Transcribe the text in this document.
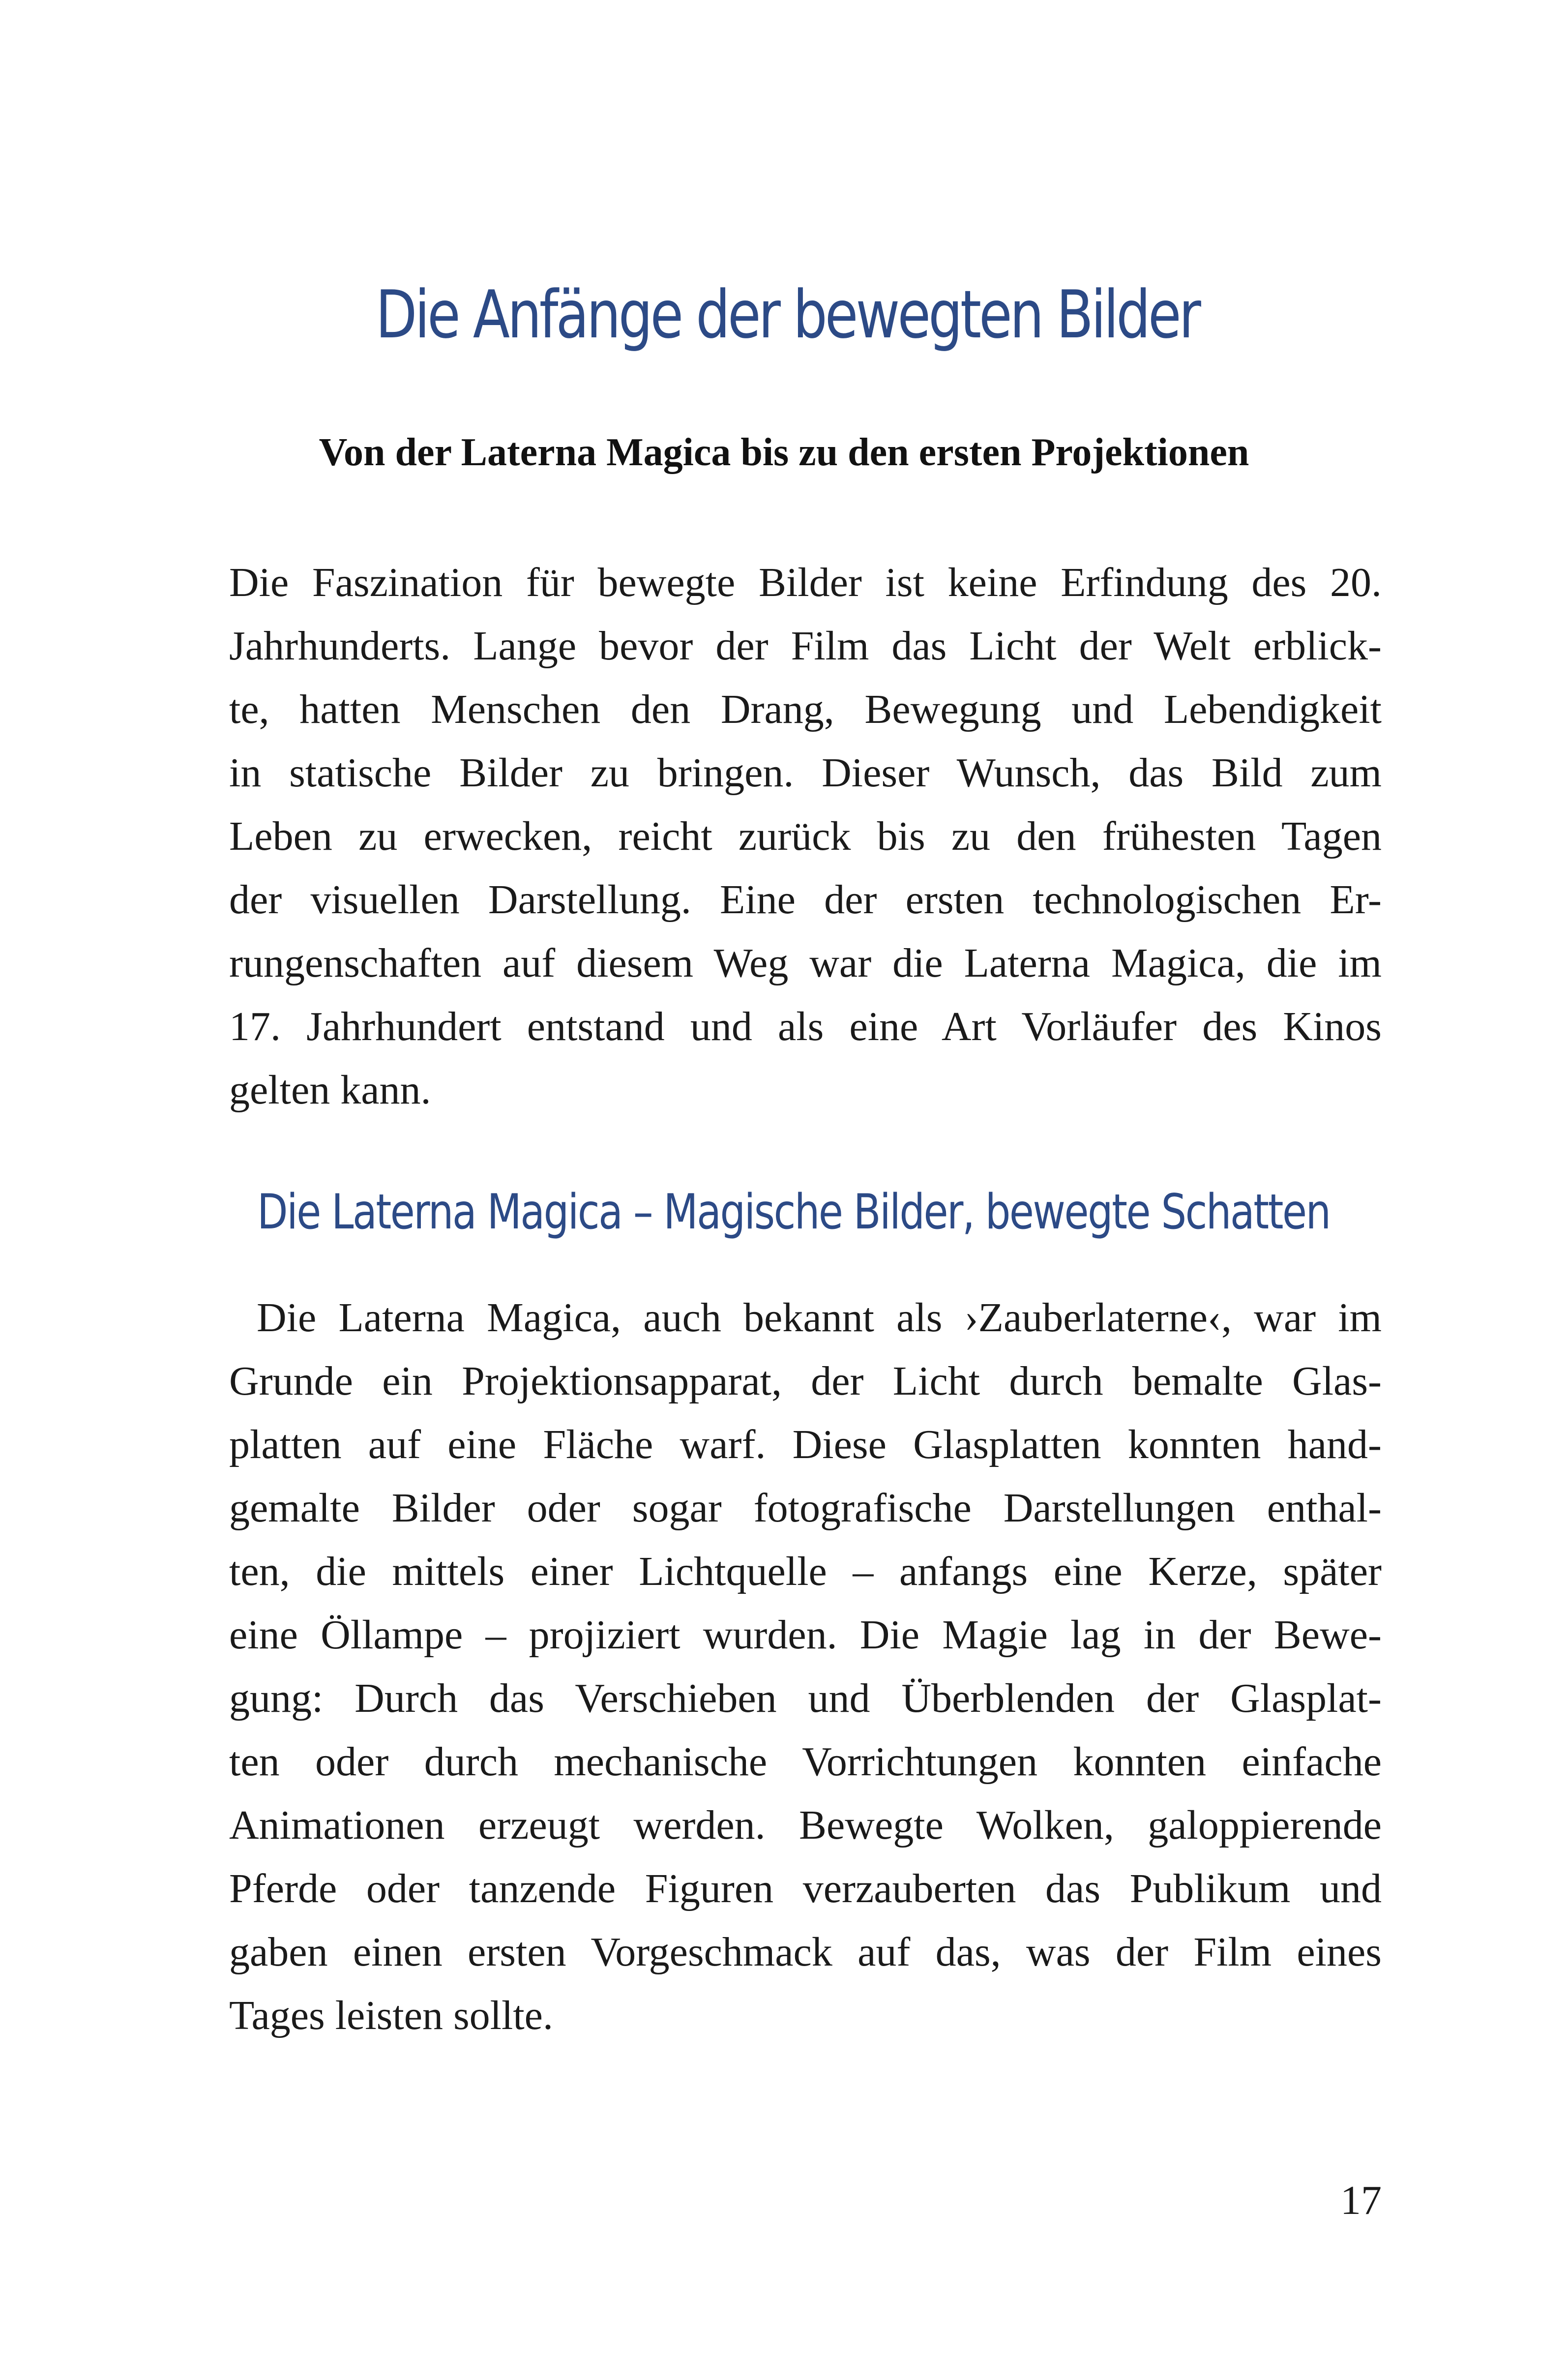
Die Anfänge der bewegten Bilder
Von der Laterna Magica bis zu den ersten Projektionen
Die Faszination für bewegte Bilder ist keine Erfindung des 20.
Jahrhunderts. Lange bevor der Film das Licht der Welt erblick-
te, hatten Menschen den Drang, Bewegung und Lebendigkeit
in statische Bilder zu bringen. Dieser Wunsch, das Bild zum
Leben zu erwecken, reicht zurück bis zu den frühesten Tagen
der visuellen Darstellung. Eine der ersten technologischen Er-
rungenschaften auf diesem Weg war die Laterna Magica, die im
17. Jahrhundert entstand und als eine Art Vorläufer des Kinos
gelten kann.
Die Laterna Magica – Magische Bilder, bewegte Schatten
Die Laterna Magica, auch bekannt als ›Zauberlaterne‹, war im
Grunde ein Projektionsapparat, der Licht durch bemalte Glas-
platten auf eine Fläche warf. Diese Glasplatten konnten hand-
gemalte Bilder oder sogar fotografische Darstellungen enthal-
ten, die mittels einer Lichtquelle – anfangs eine Kerze, später
eine Öllampe – projiziert wurden. Die Magie lag in der Bewe-
gung: Durch das Verschieben und Überblenden der Glasplat-
ten oder durch mechanische Vorrichtungen konnten einfache
Animationen erzeugt werden. Bewegte Wolken, galoppierende
Pferde oder tanzende Figuren verzauberten das Publikum und
gaben einen ersten Vorgeschmack auf das, was der Film eines
Tages leisten sollte.
17
